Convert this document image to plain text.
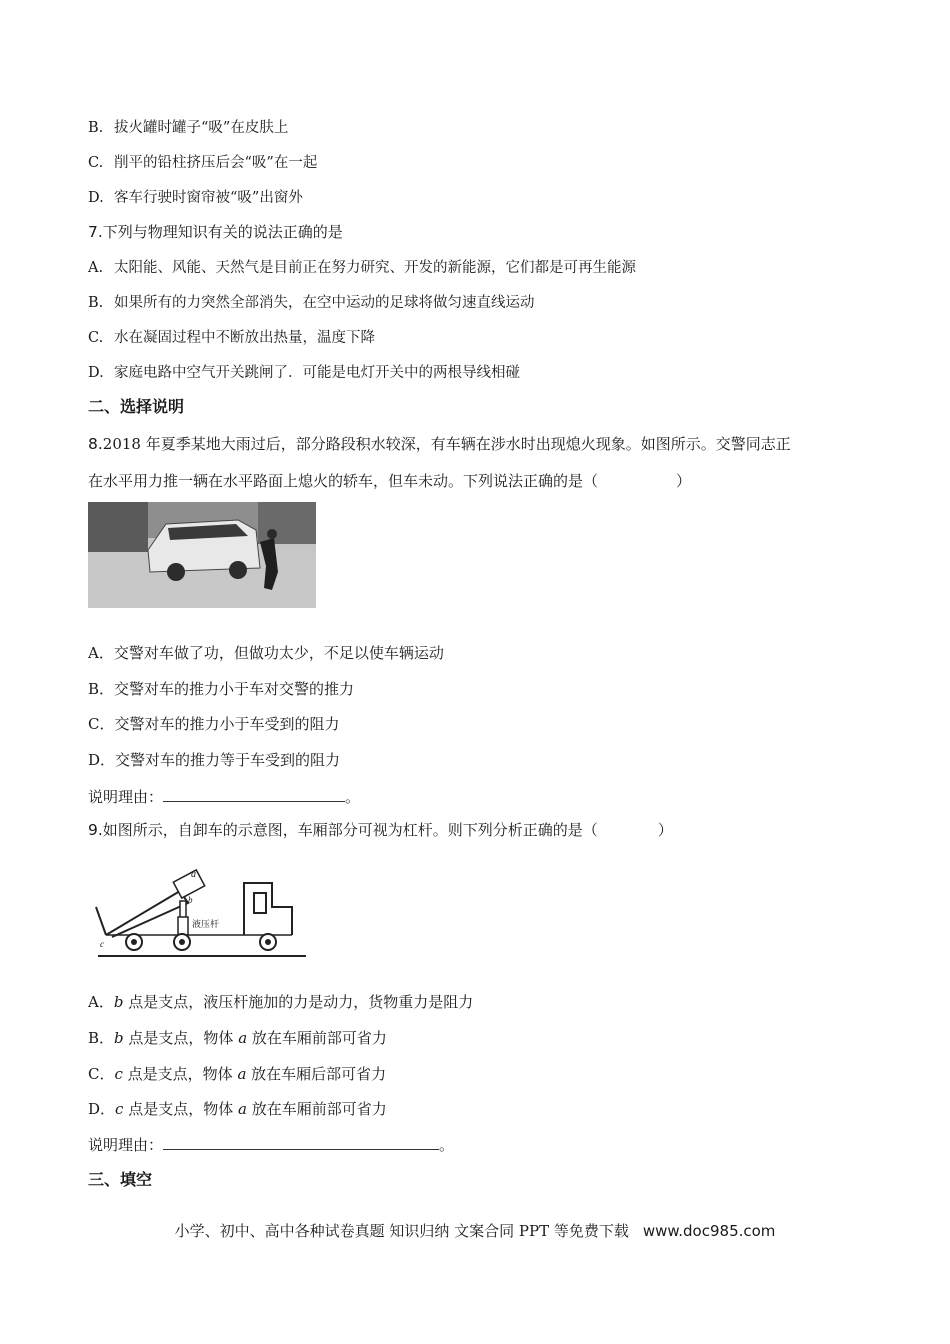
B. 拔火罐时罐子“吸”在皮肤上
C. 削平的铅柱挤压后会“吸”在一起
D. 客车行驶时窗帘被“吸”出窗外
7.下列与物理知识有关的说法正确的是
A. 太阳能、风能、天然气是目前正在努力研究、开发的新能源，它们都是可再生能源
B. 如果所有的力突然全部消失，在空中运动的足球将做匀速直线运动
C. 水在凝固过程中不断放出热量，温度下降
D. 家庭电路中空气开关跳闸了．可能是电灯开关中的两根导线相碰
二、选择说明
8.2018 年夏季某地大雨过后，部分路段积水较深，有车辆在涉水时出现熄火现象。如图所示。交警同志正
在水平用力推一辆在水平路面上熄火的轿车，但车未动。下列说法正确的是（	）
A．交警对车做了功，但做功太少，不足以使车辆运动
B．交警对车的推力小于车对交警的推力
C．交警对车的推力小于车受到的阻力
D．交警对车的推力等于车受到的阻力
说明理由：	。
9.如图所示，自卸车的示意图，车厢部分可视为杠杆。则下列分析正确的是（	）
a
b
c
液压杆
A．b 点是支点，液压杆施加的力是动力，货物重力是阻力
B．b 点是支点，物体 a 放在车厢前部可省力
C．c 点是支点，物体 a 放在车厢后部可省力
D．c 点是支点，物体 a 放在车厢前部可省力
说明理由：	。
三、填空
小学、初中、高中各种试卷真题 知识归纳 文案合同 PPT 等免费下载 www.doc985.com
